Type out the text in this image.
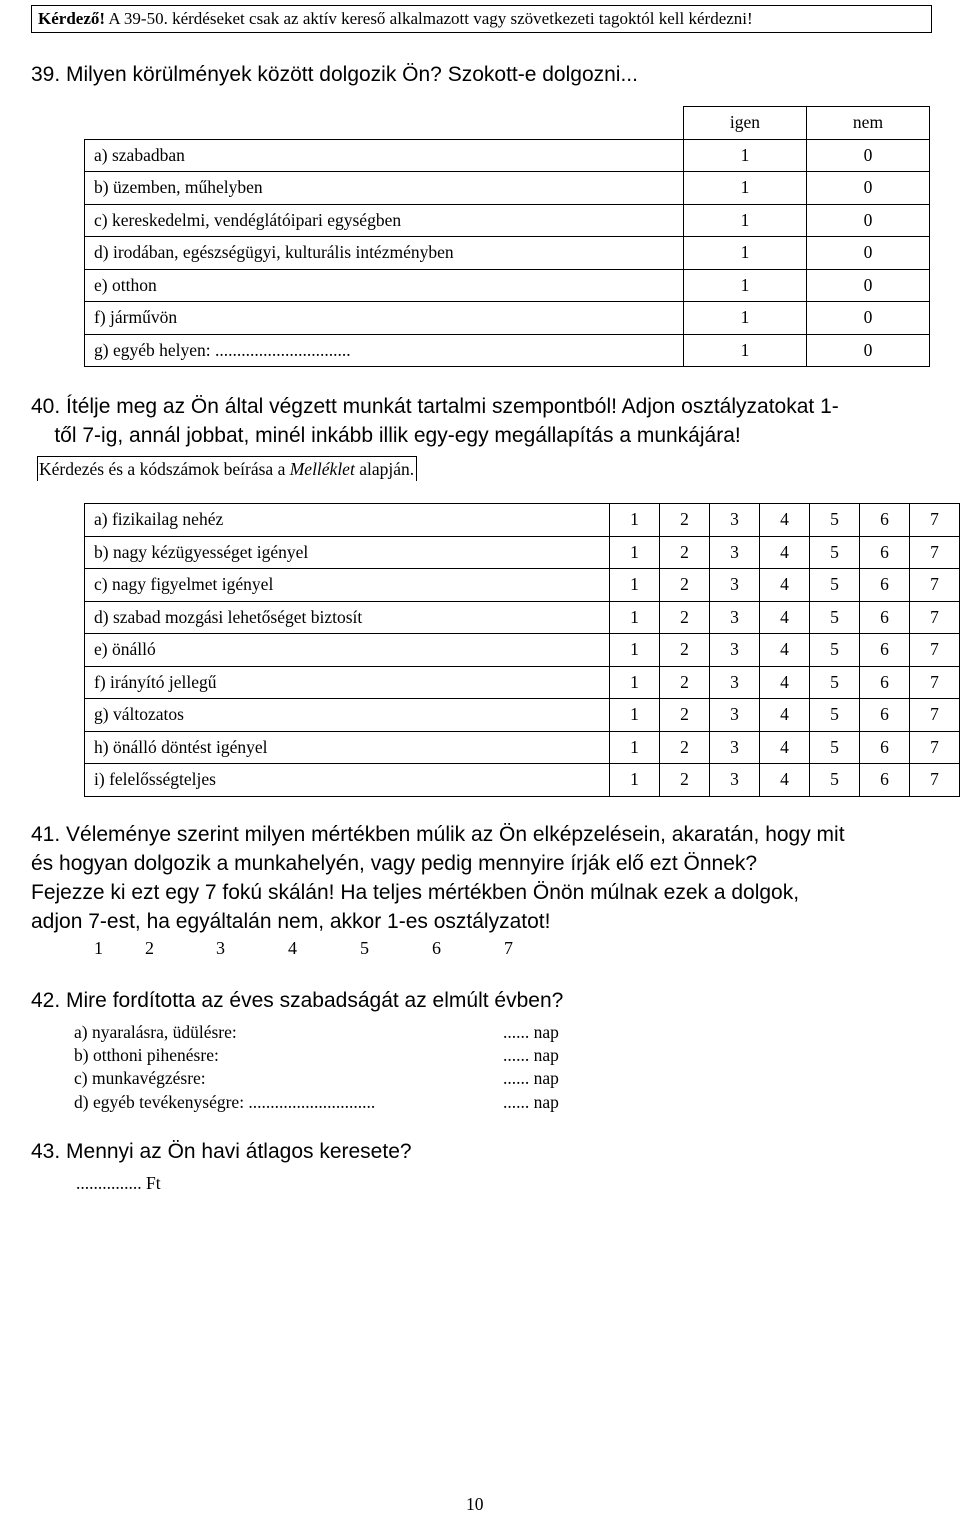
Kérdező! A 39-50. kérdéseket csak az aktív kereső alkalmazott vagy szövetkezeti tagoktól kell kérdezni!
39. Milyen körülmények között dolgozik Ön? Szokott-e dolgozni...
	igen	nem
a) szabadban	1	0
b) üzemben, műhelyben	1	0
c) kereskedelmi, vendéglátóipari egységben	1	0
d) irodában, egészségügyi, kulturális intézményben	1	0
e) otthon	1	0
f) járművön	1	0
g) egyéb helyen: ...............................	1	0
40. Ítélje meg az Ön által végzett munkát tartalmi szempontból! Adjon osztályzatokat 1-
től 7-ig, annál jobbat, minél inkább illik egy-egy megállapítás a munkájára!
Kérdezés és a kódszámok beírása a Melléklet alapján.
a) fizikailag nehéz	1	2	3	4	5	6	7
b) nagy kézügyességet igényel	1	2	3	4	5	6	7
c) nagy figyelmet igényel	1	2	3	4	5	6	7
d) szabad mozgási lehetőséget biztosít	1	2	3	4	5	6	7
e) önálló	1	2	3	4	5	6	7
f) irányító jellegű	1	2	3	4	5	6	7
g) változatos	1	2	3	4	5	6	7
h) önálló döntést igényel	1	2	3	4	5	6	7
i) felelősségteljes	1	2	3	4	5	6	7
41. Véleménye szerint milyen mértékben múlik az Ön elképzelésein, akaratán, hogy mit
és hogyan dolgozik a munkahelyén, vagy pedig mennyire írják elő ezt Önnek?
Fejezze ki ezt egy 7 fokú skálán! Ha teljes mértékben Önön múlnak ezek a dolgok,
adjon 7-est, ha egyáltalán nem, akkor 1-es osztályzatot!
1 2	3	4	5	6	7
42. Mire fordította az éves szabadságát az elmúlt évben?
a) nyaralásra, üdülésre:	...... nap
b) otthoni pihenésre:	...... nap
c) munkavégzésre:	...... nap
d) egyéb tevékenységre: .............................	...... nap
43. Mennyi az Ön havi átlagos keresete?
............... Ft
10
